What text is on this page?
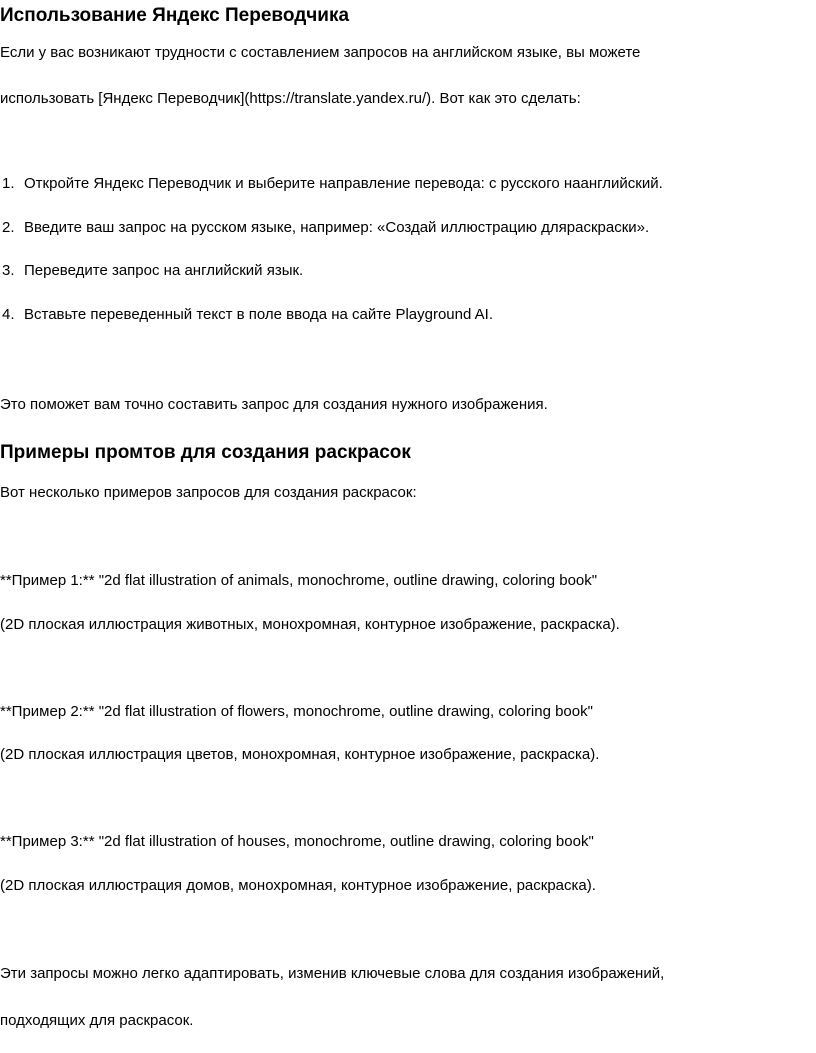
Использование Яндекс Переводчика
Если у вас возникают трудности с составлением запросов на английском языке, вы можете
использовать [Яндекс Переводчик](https://translate.yandex.ru/). Вот как это сделать:
1. Откройте Яндекс Переводчик и выберите направление перевода: с русского наанглийский.
2. Введите ваш запрос на русском языке, например: «Создай иллюстрацию дляраскраски».
3. Переведите запрос на английский язык.
4. Вставьте переведенный текст в поле ввода на сайте Playground AI.
Это поможет вам точно составить запрос для создания нужного изображения.
Примеры промтов для создания раскрасок
Вот несколько примеров запросов для создания раскрасок:
**Пример 1:** "2d flat illustration of animals, monochrome, outline drawing, coloring book"
(2D плоская иллюстрация животных, монохромная, контурное изображение, раскраска).
**Пример 2:** "2d flat illustration of flowers, monochrome, outline drawing, coloring book"
(2D плоская иллюстрация цветов, монохромная, контурное изображение, раскраска).
**Пример 3:** "2d flat illustration of houses, monochrome, outline drawing, coloring book"
(2D плоская иллюстрация домов, монохромная, контурное изображение, раскраска).
Эти запросы можно легко адаптировать, изменив ключевые слова для создания изображений,
подходящих для раскрасок.
